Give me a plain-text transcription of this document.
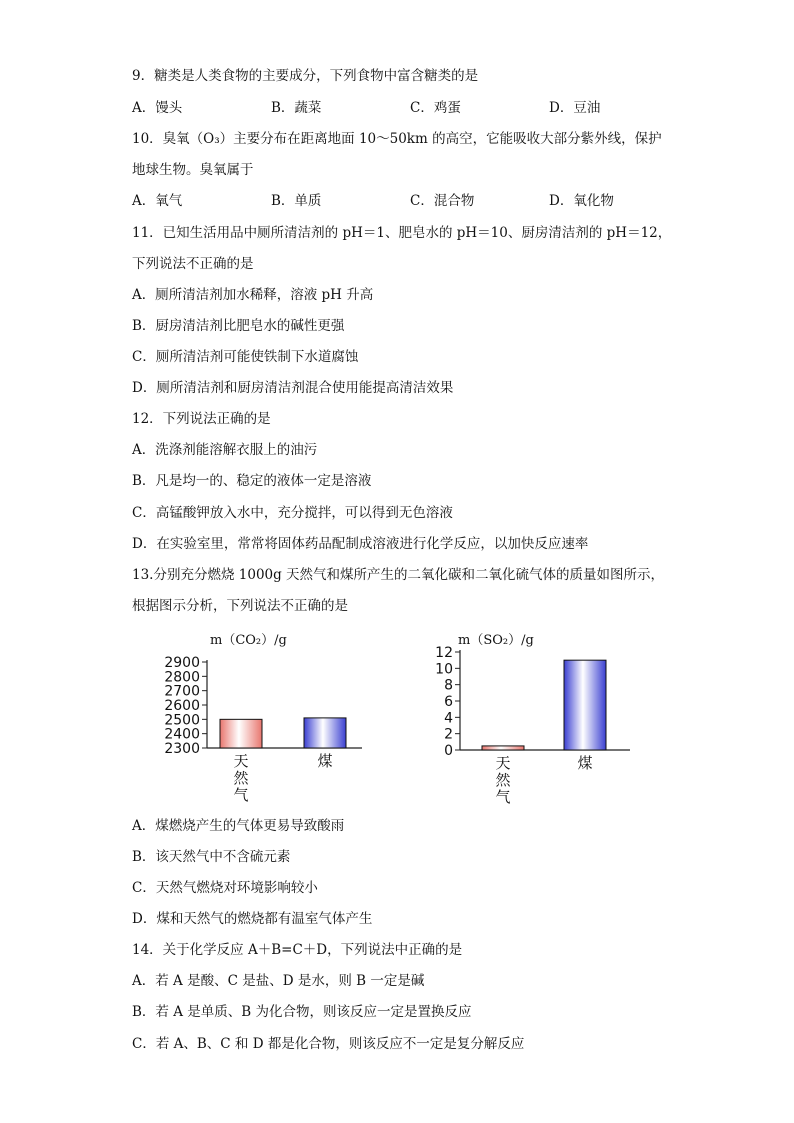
9．糖类是人类食物的主要成分，下列食物中富含糖类的是
A．馒头	B．蔬菜	C．鸡蛋	D．豆油
10．臭氧（O₃）主要分布在距离地面 10～50km 的高空，它能吸收大部分紫外线，保护
地球生物。臭氧属于
A．氧气	B．单质	C．混合物	D．氧化物
11．已知生活用品中厕所清洁剂的 pH＝1、肥皂水的 pH＝10、厨房清洁剂的 pH＝12，
下列说法不正确的是
A．厕所清洁剂加水稀释，溶液 pH 升高
B．厨房清洁剂比肥皂水的碱性更强
C．厕所清洁剂可能使铁制下水道腐蚀
D．厕所清洁剂和厨房清洁剂混合使用能提高清洁效果
12．下列说法正确的是
A．洗涤剂能溶解衣服上的油污
B．凡是均一的、稳定的液体一定是溶液
C．高锰酸钾放入水中，充分搅拌，可以得到无色溶液
D．在实验室里，常常将固体药品配制成溶液进行化学反应，以加快反应速率
13.分别充分燃烧 1000g 天然气和煤所产生的二氧化碳和二氧化硫气体的质量如图所示，
根据图示分析，下列说法不正确的是
m（CO₂）/g	m（SO₂）/g
2300
2400
2500
2600
2700
2800
2900
天然气
煤
0
2
4
6
8
10
12
天然气
煤
A．煤燃烧产生的气体更易导致酸雨
B．该天然气中不含硫元素
C．天然气燃烧对环境影响较小
D．煤和天然气的燃烧都有温室气体产生
14．关于化学反应 A＋B=C＋D，下列说法中正确的是
A．若 A 是酸、C 是盐、D 是水，则 B 一定是碱
B．若 A 是单质、B 为化合物，则该反应一定是置换反应
C．若 A、B、C 和 D 都是化合物，则该反应不一定是复分解反应
